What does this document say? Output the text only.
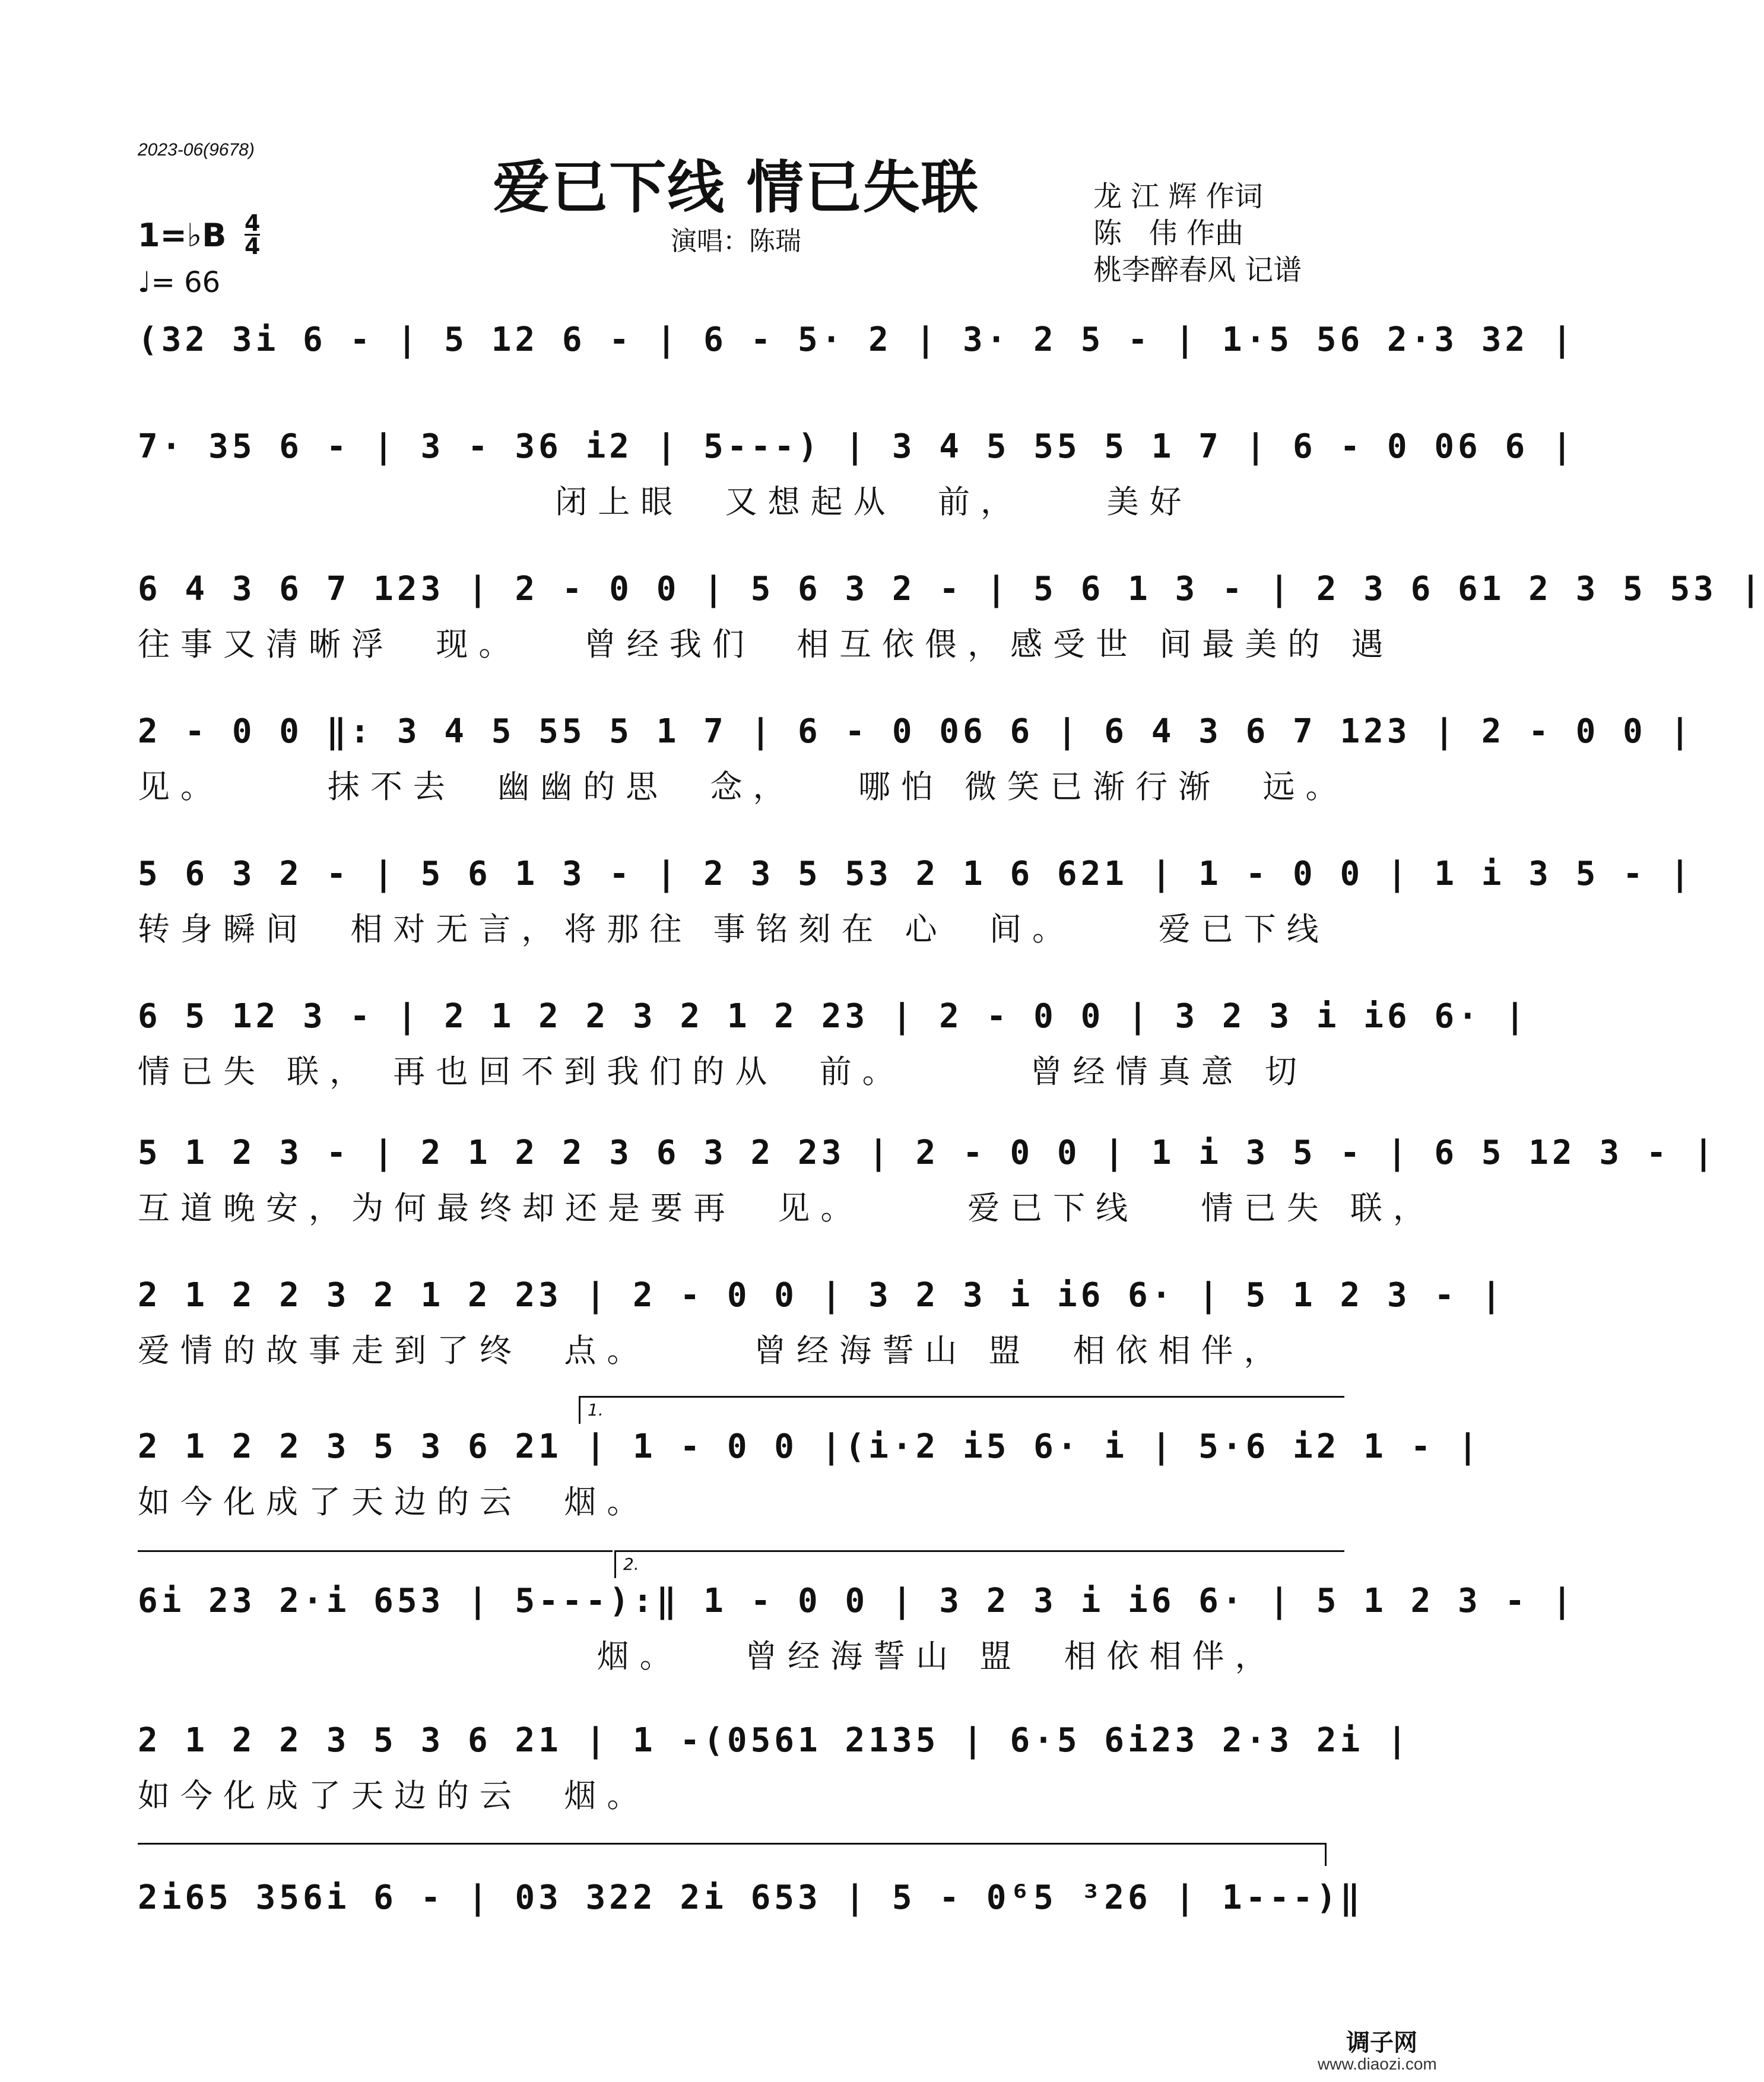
2023-06(9678)
爱已下线 情已失联
演唱：陈瑞
龙 江 辉 作词
陈   伟 作曲
桃李醉春风 记谱
1=♭B 4
4
♩= 66
(32 3i 6 - | 5 12 6 - | 6 - 5· 2 | 3· 2 5 - | 1·5 56 2·3 32 |
7· 35 6 - | 3 - 36 i2 | 5---) | 3 4 5 55 5 1 7 | 6 - 0 06 6 |
闭上眼  又想起从  前，    美好
6 4 3 6 7 123 | 2 - 0 0 | 5 6 3 2 - | 5 6 1 3 - | 2 3 6 61 2 3 5 53 |
往事又清晰浮  现。   曾经我们  相互依偎，感受世 间最美的 遇
2 - 0 0 ‖: 3 4 5 55 5 1 7 | 6 - 0 06 6 | 6 4 3 6 7 123 | 2 - 0 0 |
见。     抹不去  幽幽的思  念，   哪怕 微笑已渐行渐  远。
5 6 3 2 - | 5 6 1 3 - | 2 3 5 53 2 1 6 621 | 1 - 0 0 | 1 i 3 5 - |
转身瞬间  相对无言，将那往 事铭刻在 心  间。    爱已下线
6 5 12 3 - | 2 1 2 2 3 2 1 2 23 | 2 - 0 0 | 3 2 3 i i6 6· |
情已失 联， 再也回不到我们的从  前。      曾经情真意 切
5 1 2 3 - | 2 1 2 2 3 6 3 2 23 | 2 - 0 0 | 1 i 3 5 - | 6 5 12 3 - |
互道晚安，为何最终却还是要再  见。     爱已下线   情已失 联，
2 1 2 2 3 2 1 2 23 | 2 - 0 0 | 3 2 3 i i6 6· | 5 1 2 3 - |
爱情的故事走到了终  点。     曾经海誓山 盟  相依相伴，
1.
2 1 2 2 3 5 3 6 21 | 1 - 0 0 |(i·2 i5 6· i | 5·6 i2 1 - |
如今化成了天边的云  烟。
2.
6i 23 2·i 653 | 5---):‖ 1 - 0 0 | 3 2 3 i i6 6· | 5 1 2 3 - |
烟。   曾经海誓山 盟  相依相伴，
2 1 2 2 3 5 3 6 21 | 1 -(0561 2135 | 6·5 6i23 2·3 2i |
如今化成了天边的云  烟。
2i65 356i 6 - | 03 322 2i 653 | 5 - 0⁶5 ³26 | 1---)‖
调子网
www.diaozi.com
